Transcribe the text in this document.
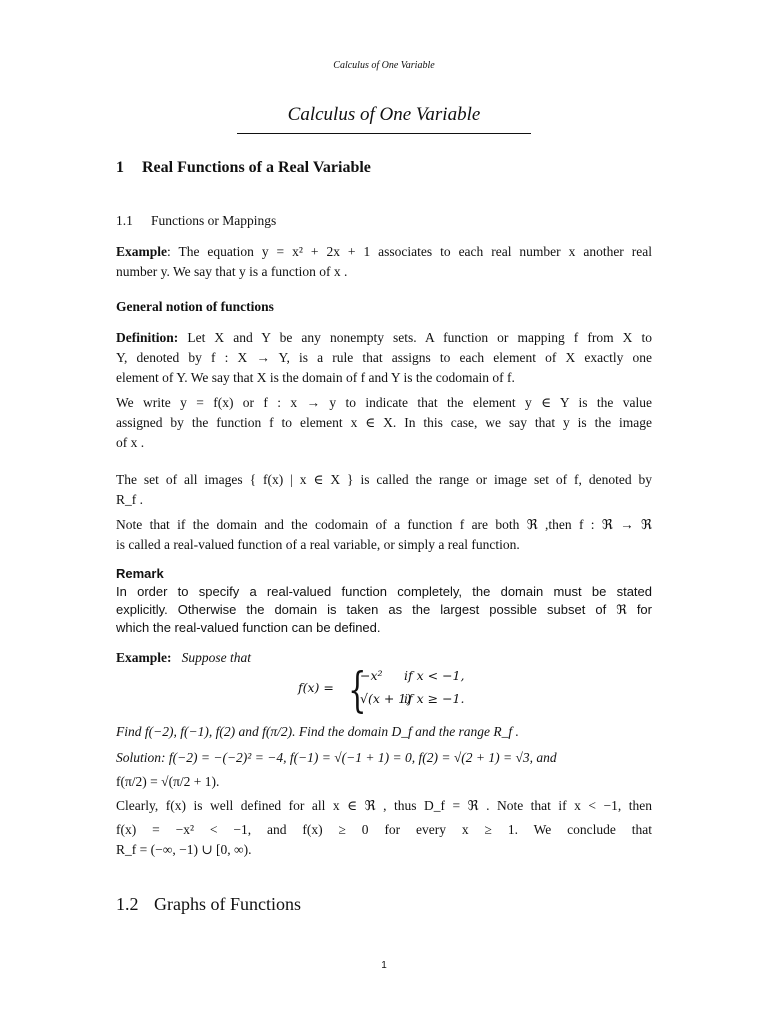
Calculus of One Variable
Calculus of One Variable
1 Real Functions of a Real Variable
1.1 Functions or Mappings
Example: The equation y = x² + 2x + 1 associates to each real number x another real
number y. We say that y is a function of x .
General notion of functions
Definition: Let X and Y be any nonempty sets. A function or mapping f from X to
Y, denoted by f : X → Y, is a rule that assigns to each element of X exactly one
element of Y. We say that X is the domain of f and Y is the codomain of f.
We write y = f(x) or f : x → y to indicate that the element y ∈ Y is the value
assigned by the function f to element x ∈ X. In this case, we say that y is the image
of x .
The set of all images { f(x) | x ∈ X } is called the range or image set of f, denoted by
R_f .
Note that if the domain and the codomain of a function f are both ℜ ,then f : ℜ → ℜ
is called a real-valued function of a real variable, or simply a real function.
Remark
In order to specify a real-valued function completely, the domain must be stated
explicitly. Otherwise the domain is taken as the largest possible subset of ℜ for
which the real-valued function can be defined.
Example: Suppose that
f(x) = {
−x² if x < −1,
√(x + 1)
if x ≥ −1.
Find f(−2), f(−1), f(2) and f(π/2). Find the domain D_f and the range R_f .
Solution: f(−2) = −(−2)² = −4, f(−1) = √(−1 + 1) = 0, f(2) = √(2 + 1) = √3, and
f(π/2) = √(π/2 + 1).
Clearly, f(x) is well defined for all x ∈ ℜ , thus D_f = ℜ . Note that if x < −1, then
f(x) = −x² < −1, and f(x) ≥ 0 for every x ≥ 1. We conclude that
R_f = (−∞, −1) ∪ [0, ∞).
1.2 Graphs of Functions
1
